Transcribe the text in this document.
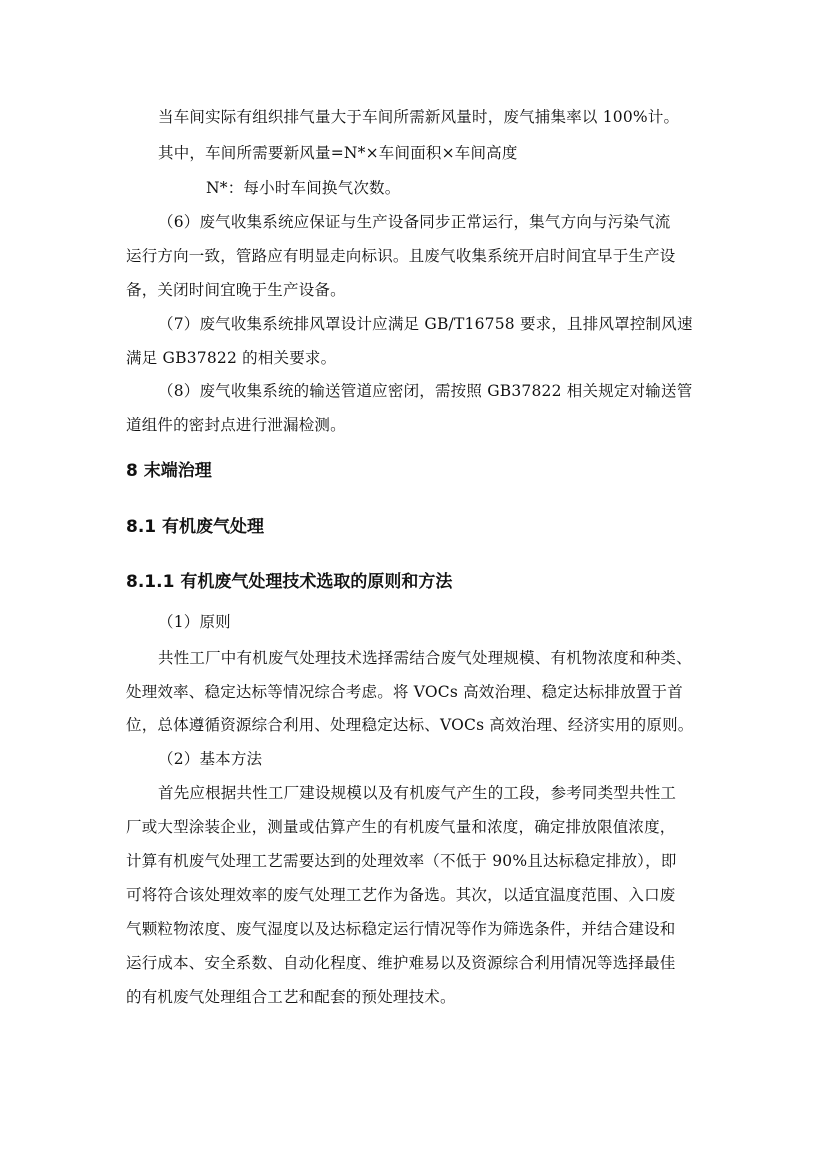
当车间实际有组织排气量大于车间所需新风量时，废气捕集率以 100%计。
其中，车间所需要新风量=N*×车间面积×车间高度
N*：每小时车间换气次数。
（6）废气收集系统应保证与生产设备同步正常运行，集气方向与污染气流
运行方向一致，管路应有明显走向标识。且废气收集系统开启时间宜早于生产设
备，关闭时间宜晚于生产设备。
（7）废气收集系统排风罩设计应满足 GB/T16758 要求，且排风罩控制风速
满足 GB37822 的相关要求。
（8）废气收集系统的输送管道应密闭，需按照 GB37822 相关规定对输送管
道组件的密封点进行泄漏检测。
8 末端治理
8.1 有机废气处理
8.1.1 有机废气处理技术选取的原则和方法
（1）原则
共性工厂中有机废气处理技术选择需结合废气处理规模、有机物浓度和种类、
处理效率、稳定达标等情况综合考虑。将 VOCs 高效治理、稳定达标排放置于首
位，总体遵循资源综合利用、处理稳定达标、VOCs 高效治理、经济实用的原则。
（2）基本方法
首先应根据共性工厂建设规模以及有机废气产生的工段，参考同类型共性工
厂或大型涂装企业，测量或估算产生的有机废气量和浓度，确定排放限值浓度，
计算有机废气处理工艺需要达到的处理效率（不低于 90%且达标稳定排放），即
可将符合该处理效率的废气处理工艺作为备选。其次，以适宜温度范围、入口废
气颗粒物浓度、废气湿度以及达标稳定运行情况等作为筛选条件，并结合建设和
运行成本、安全系数、自动化程度、维护难易以及资源综合利用情况等选择最佳
的有机废气处理组合工艺和配套的预处理技术。
